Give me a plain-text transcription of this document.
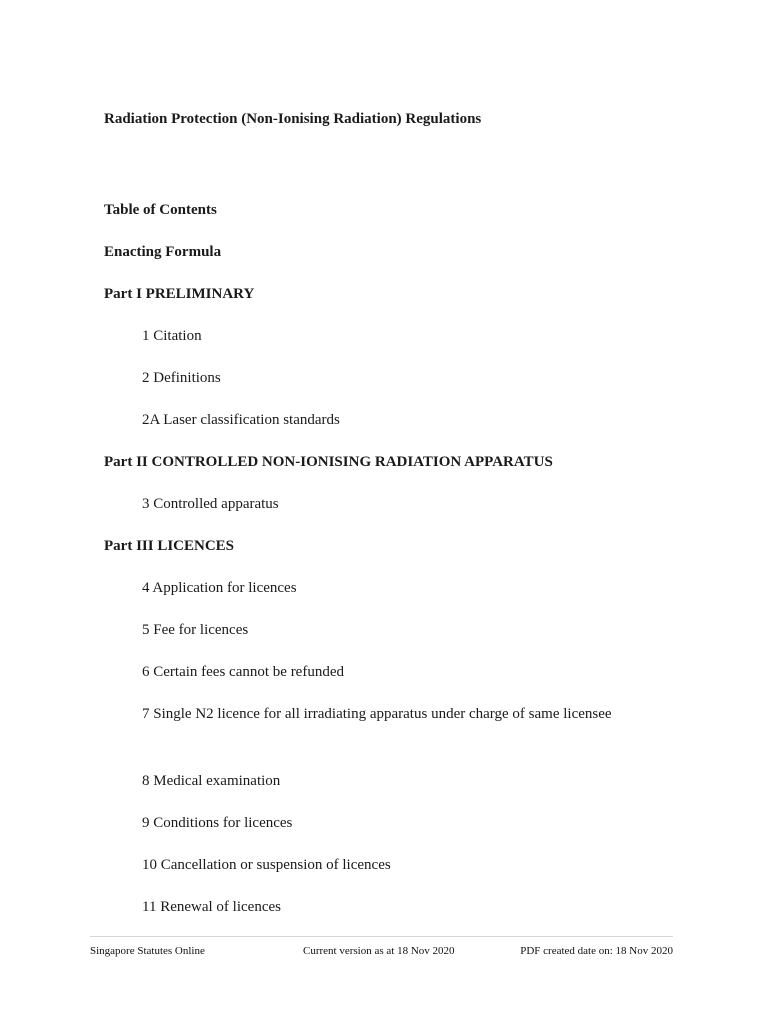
Radiation Protection (Non-Ionising Radiation) Regulations

Table of Contents

Enacting Formula

Part I PRELIMINARY

1 Citation

2 Definitions

2A Laser classification standards

Part II CONTROLLED NON-IONISING RADIATION APPARATUS

3 Controlled apparatus

Part III LICENCES

4 Application for licences

5 Fee for licences

6 Certain fees cannot be refunded

7 Single N2 licence for all irradiating apparatus under charge of same licensee

8 Medical examination

9 Conditions for licences

10 Cancellation or suspension of licences

11 Renewal of licences

Singapore Statutes Online	Current version as at 18 Nov 2020	PDF created date on: 18 Nov 2020
